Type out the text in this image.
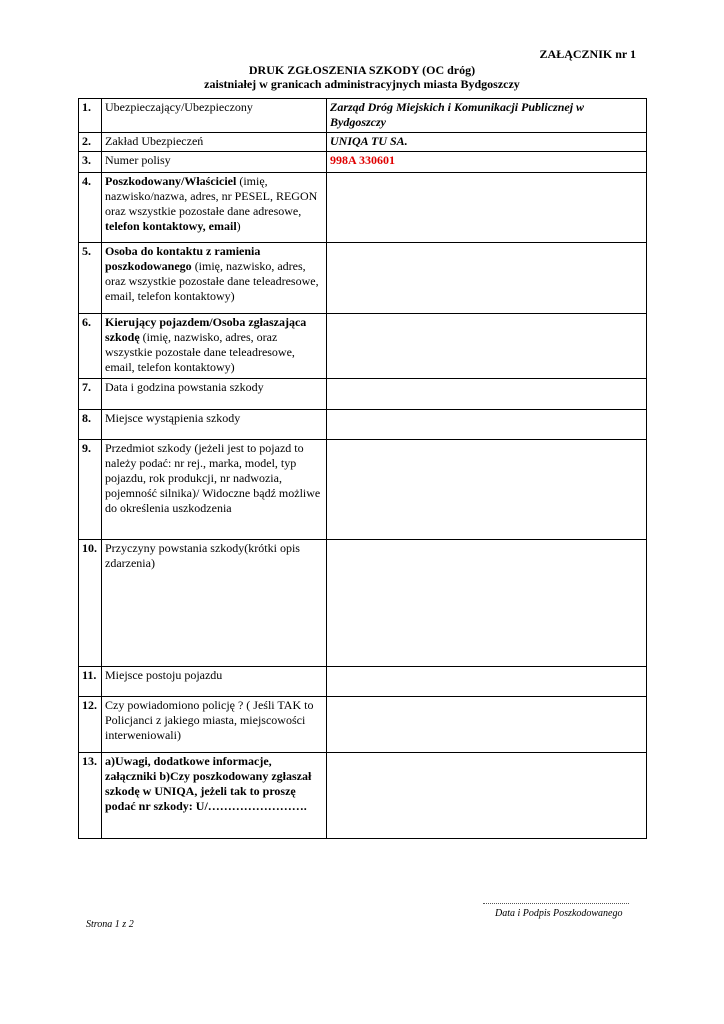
ZAŁĄCZNIK nr 1
DRUK ZGŁOSZENIA SZKODY (OC dróg)
zaistniałej w granicach administracyjnych miasta Bydgoszczy
1.	Ubezpieczający/Ubezpieczony	Zarząd Dróg Miejskich i Komunikacji Publicznej w Bydgoszczy
2.	Zakład Ubezpieczeń	UNIQA TU SA.
3.	Numer polisy	998A 330601
4.	Poszkodowany/Właściciel (imię, nazwisko/nazwa, adres, nr PESEL, REGON oraz wszystkie pozostałe dane adresowe, telefon kontaktowy, email)	
5.	Osoba do kontaktu z ramienia poszkodowanego (imię, nazwisko, adres, oraz wszystkie pozostałe dane teleadresowe, email, telefon kontaktowy)	
6.	Kierujący pojazdem/Osoba zgłaszająca szkodę (imię, nazwisko, adres, oraz wszystkie pozostałe dane teleadresowe, email, telefon kontaktowy)	
7.	Data i godzina powstania szkody	
8.	Miejsce wystąpienia szkody	
9.	Przedmiot szkody (jeżeli jest to pojazd to należy podać: nr rej., marka, model, typ pojazdu, rok produkcji, nr nadwozia, pojemność silnika)/ Widoczne bądź możliwe do określenia uszkodzenia	
10.	Przyczyny powstania szkody(krótki opis zdarzenia)	
11.	Miejsce postoju pojazdu	
12.	Czy powiadomiono policję ? ( Jeśli TAK to Policjanci z jakiego miasta, miejscowości interweniowali)	
13.	a)Uwagi, dodatkowe informacje, załączniki b)Czy poszkodowany zgłaszał szkodę w UNIQA, jeżeli tak to proszę podać nr szkody: U/…………………….	
Data i Podpis Poszkodowanego
Strona 1 z 2
